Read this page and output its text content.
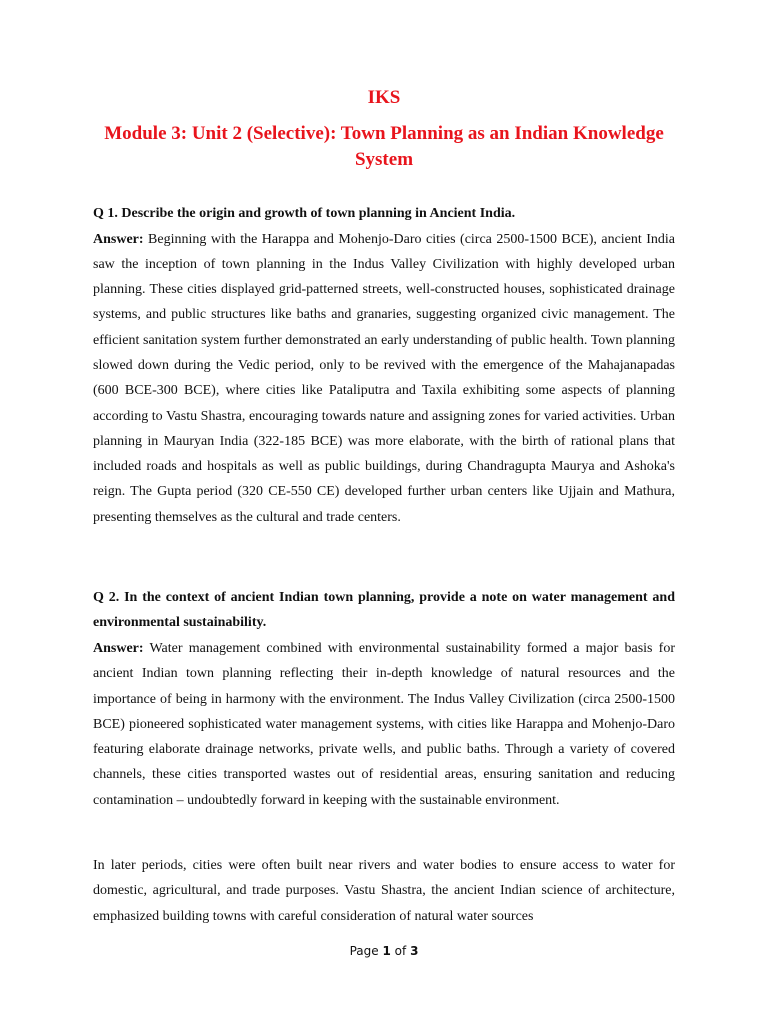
IKS
Module 3: Unit 2 (Selective): Town Planning as an Indian Knowledge System
Q 1. Describe the origin and growth of town planning in Ancient India.
Answer: Beginning with the Harappa and Mohenjo-Daro cities (circa 2500-1500 BCE), ancient India saw the inception of town planning in the Indus Valley Civilization with highly developed urban planning. These cities displayed grid-patterned streets, well-constructed houses, sophisticated drainage systems, and public structures like baths and granaries, suggesting organized civic management. The efficient sanitation system further demonstrated an early understanding of public health. Town planning slowed down during the Vedic period, only to be revived with the emergence of the Mahajanapadas (600 BCE-300 BCE), where cities like Pataliputra and Taxila exhibiting some aspects of planning according to Vastu Shastra, encouraging towards nature and assigning zones for varied activities. Urban planning in Mauryan India (322-185 BCE) was more elaborate, with the birth of rational plans that included roads and hospitals as well as public buildings, during Chandragupta Maurya and Ashoka's reign. The Gupta period (320 CE-550 CE) developed further urban centers like Ujjain and Mathura, presenting themselves as the cultural and trade centers.
Q 2. In the context of ancient Indian town planning, provide a note on water management and environmental sustainability.
Answer: Water management combined with environmental sustainability formed a major basis for ancient Indian town planning reflecting their in-depth knowledge of natural resources and the importance of being in harmony with the environment. The Indus Valley Civilization (circa 2500-1500 BCE) pioneered sophisticated water management systems, with cities like Harappa and Mohenjo-Daro featuring elaborate drainage networks, private wells, and public baths. Through a variety of covered channels, these cities transported wastes out of residential areas, ensuring sanitation and reducing contamination – undoubtedly forward in keeping with the sustainable environment.
In later periods, cities were often built near rivers and water bodies to ensure access to water for domestic, agricultural, and trade purposes. Vastu Shastra, the ancient Indian science of architecture, emphasized building towns with careful consideration of natural water sources
Page 1 of 3
